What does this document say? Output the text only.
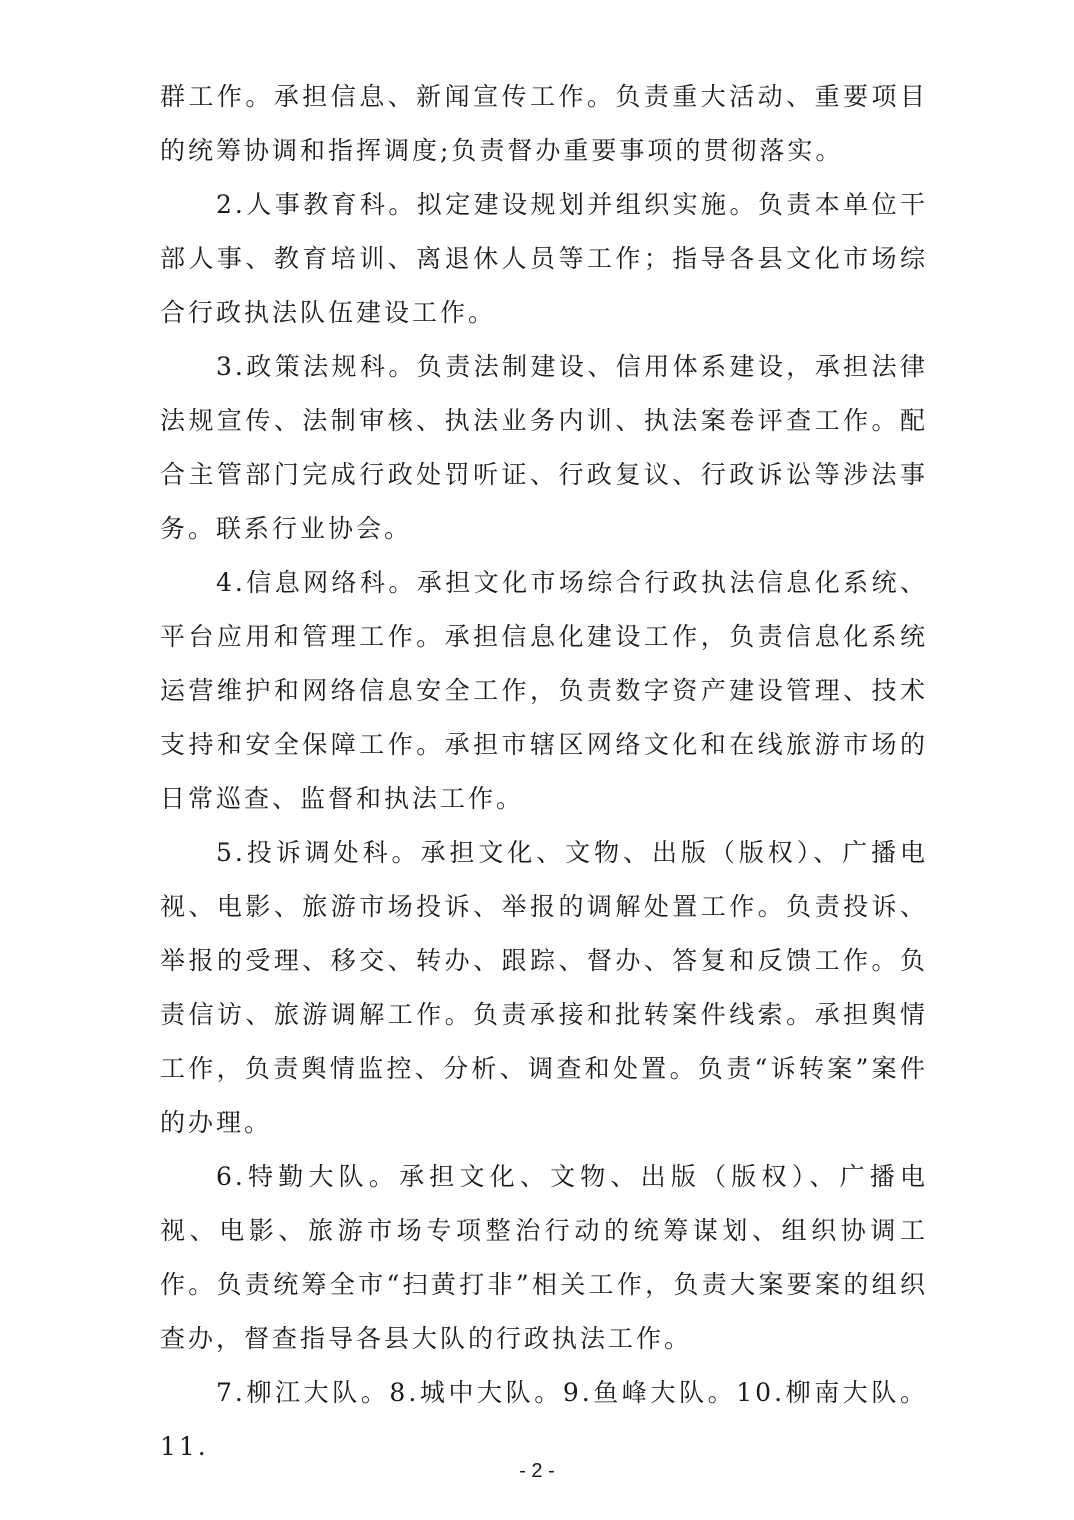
群工作。承担信息、新闻宣传工作。负责重大活动、重要项目的统筹协调和指挥调度;负责督办重要事项的贯彻落实。

2.人事教育科。拟定建设规划并组织实施。负责本单位干部人事、教育培训、离退休人员等工作；指导各县文化市场综合行政执法队伍建设工作。

3.政策法规科。负责法制建设、信用体系建设，承担法律法规宣传、法制审核、执法业务内训、执法案卷评查工作。配合主管部门完成行政处罚听证、行政复议、行政诉讼等涉法事务。联系行业协会。

4.信息网络科。承担文化市场综合行政执法信息化系统、平台应用和管理工作。承担信息化建设工作，负责信息化系统运营维护和网络信息安全工作，负责数字资产建设管理、技术支持和安全保障工作。承担市辖区网络文化和在线旅游市场的日常巡查、监督和执法工作。

5.投诉调处科。承担文化、文物、出版（版权）、广播电视、电影、旅游市场投诉、举报的调解处置工作。负责投诉、举报的受理、移交、转办、跟踪、督办、答复和反馈工作。负责信访、旅游调解工作。负责承接和批转案件线索。承担舆情工作，负责舆情监控、分析、调查和处置。负责“诉转案”案件的办理。

6.特勤大队。承担文化、文物、出版（版权）、广播电视、电影、旅游市场专项整治行动的统筹谋划、组织协调工作。负责统筹全市“扫黄打非”相关工作，负责大案要案的组织查办，督查指导各县大队的行政执法工作。

7.柳江大队。8.城中大队。9.鱼峰大队。10.柳南大队。11.

- 2 -
